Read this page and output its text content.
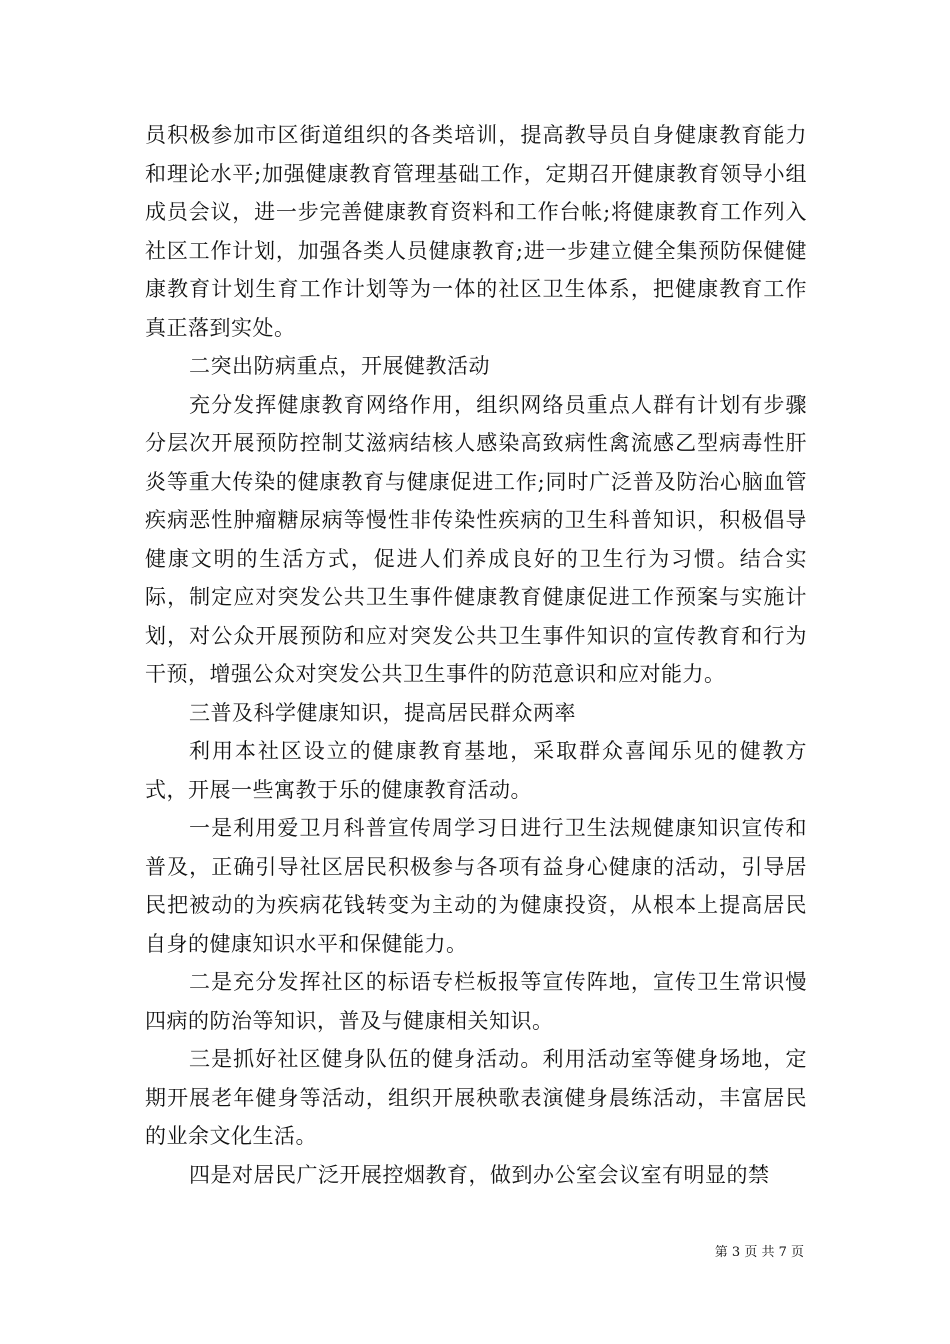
员积极参加市区街道组织的各类培训，提高教导员自身健康教育能力和理论水平;加强健康教育管理基础工作，定期召开健康教育领导小组成员会议，进一步完善健康教育资料和工作台帐;将健康教育工作列入社区工作计划，加强各类人员健康教育;进一步建立健全集预防保健健康教育计划生育工作计划等为一体的社区卫生体系，把健康教育工作真正落到实处。

二突出防病重点，开展健教活动

充分发挥健康教育网络作用，组织网络员重点人群有计划有步骤分层次开展预防控制艾滋病结核人感染高致病性禽流感乙型病毒性肝炎等重大传染的健康教育与健康促进工作;同时广泛普及防治心脑血管疾病恶性肿瘤糖尿病等慢性非传染性疾病的卫生科普知识，积极倡导健康文明的生活方式，促进人们养成良好的卫生行为习惯。结合实际，制定应对突发公共卫生事件健康教育健康促进工作预案与实施计划，对公众开展预防和应对突发公共卫生事件知识的宣传教育和行为干预，增强公众对突发公共卫生事件的防范意识和应对能力。

三普及科学健康知识，提高居民群众两率

利用本社区设立的健康教育基地，采取群众喜闻乐见的健教方式，开展一些寓教于乐的健康教育活动。

一是利用爱卫月科普宣传周学习日进行卫生法规健康知识宣传和普及，正确引导社区居民积极参与各项有益身心健康的活动，引导居民把被动的为疾病花钱转变为主动的为健康投资，从根本上提高居民自身的健康知识水平和保健能力。

二是充分发挥社区的标语专栏板报等宣传阵地，宣传卫生常识慢四病的防治等知识，普及与健康相关知识。

三是抓好社区健身队伍的健身活动。利用活动室等健身场地，定期开展老年健身等活动，组织开展秧歌表演健身晨练活动，丰富居民的业余文化生活。

四是对居民广泛开展控烟教育，做到办公室会议室有明显的禁

第 3 页 共 7 页
